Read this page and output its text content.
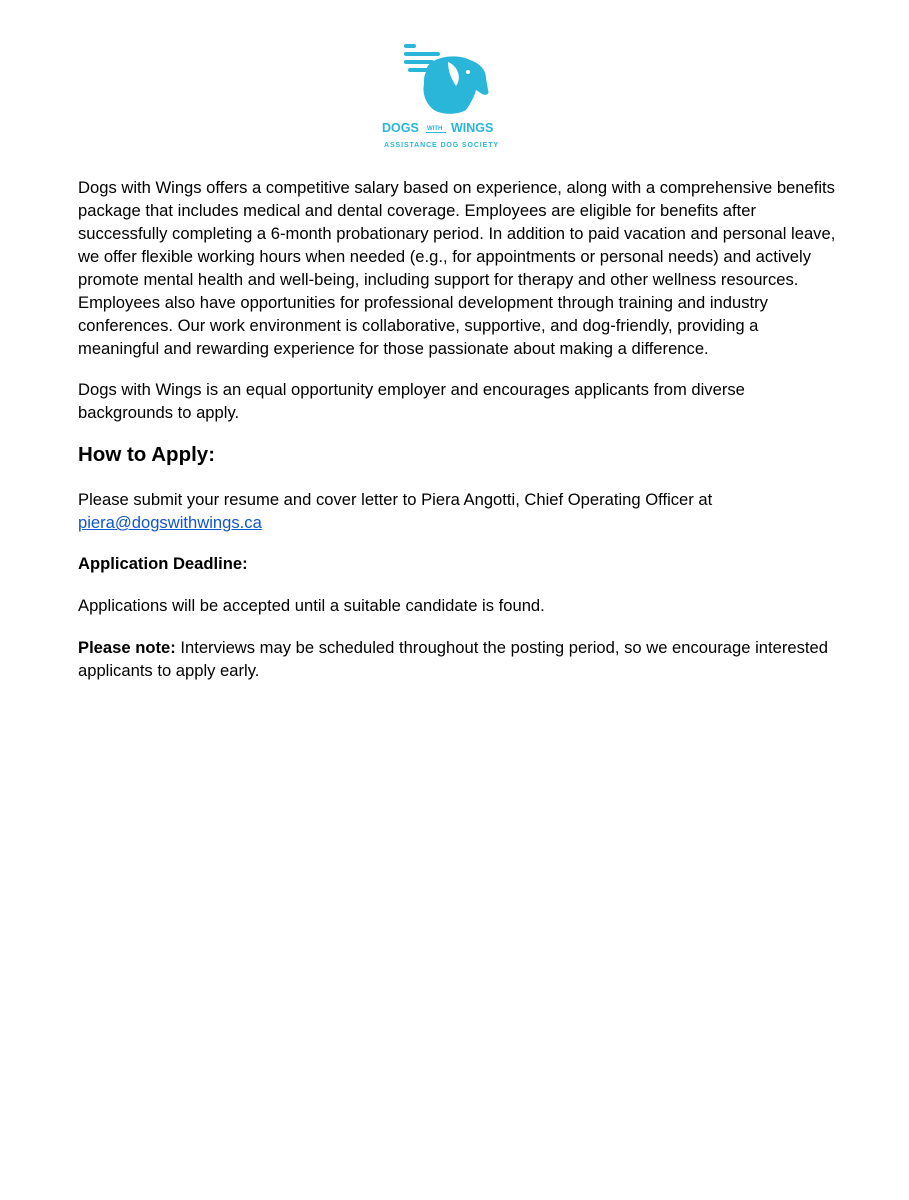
DOGS WITH WINGS
ASSISTANCE DOG SOCIETY

Dogs with Wings offers a competitive salary based on experience, along with a comprehensive benefits package that includes medical and dental coverage. Employees are eligible for benefits after successfully completing a 6-month probationary period. In addition to paid vacation and personal leave, we offer flexible working hours when needed (e.g., for appointments or personal needs) and actively promote mental health and well-being, including support for therapy and other wellness resources. Employees also have opportunities for professional development through training and industry conferences. Our work environment is collaborative, supportive, and dog-friendly, providing a meaningful and rewarding experience for those passionate about making a difference.

Dogs with Wings is an equal opportunity employer and encourages applicants from diverse backgrounds to apply.

How to Apply:

Please submit your resume and cover letter to Piera Angotti, Chief Operating Officer at
piera@dogswithwings.ca

Application Deadline:

Applications will be accepted until a suitable candidate is found.

Please note: Interviews may be scheduled throughout the posting period, so we encourage interested applicants to apply early.
